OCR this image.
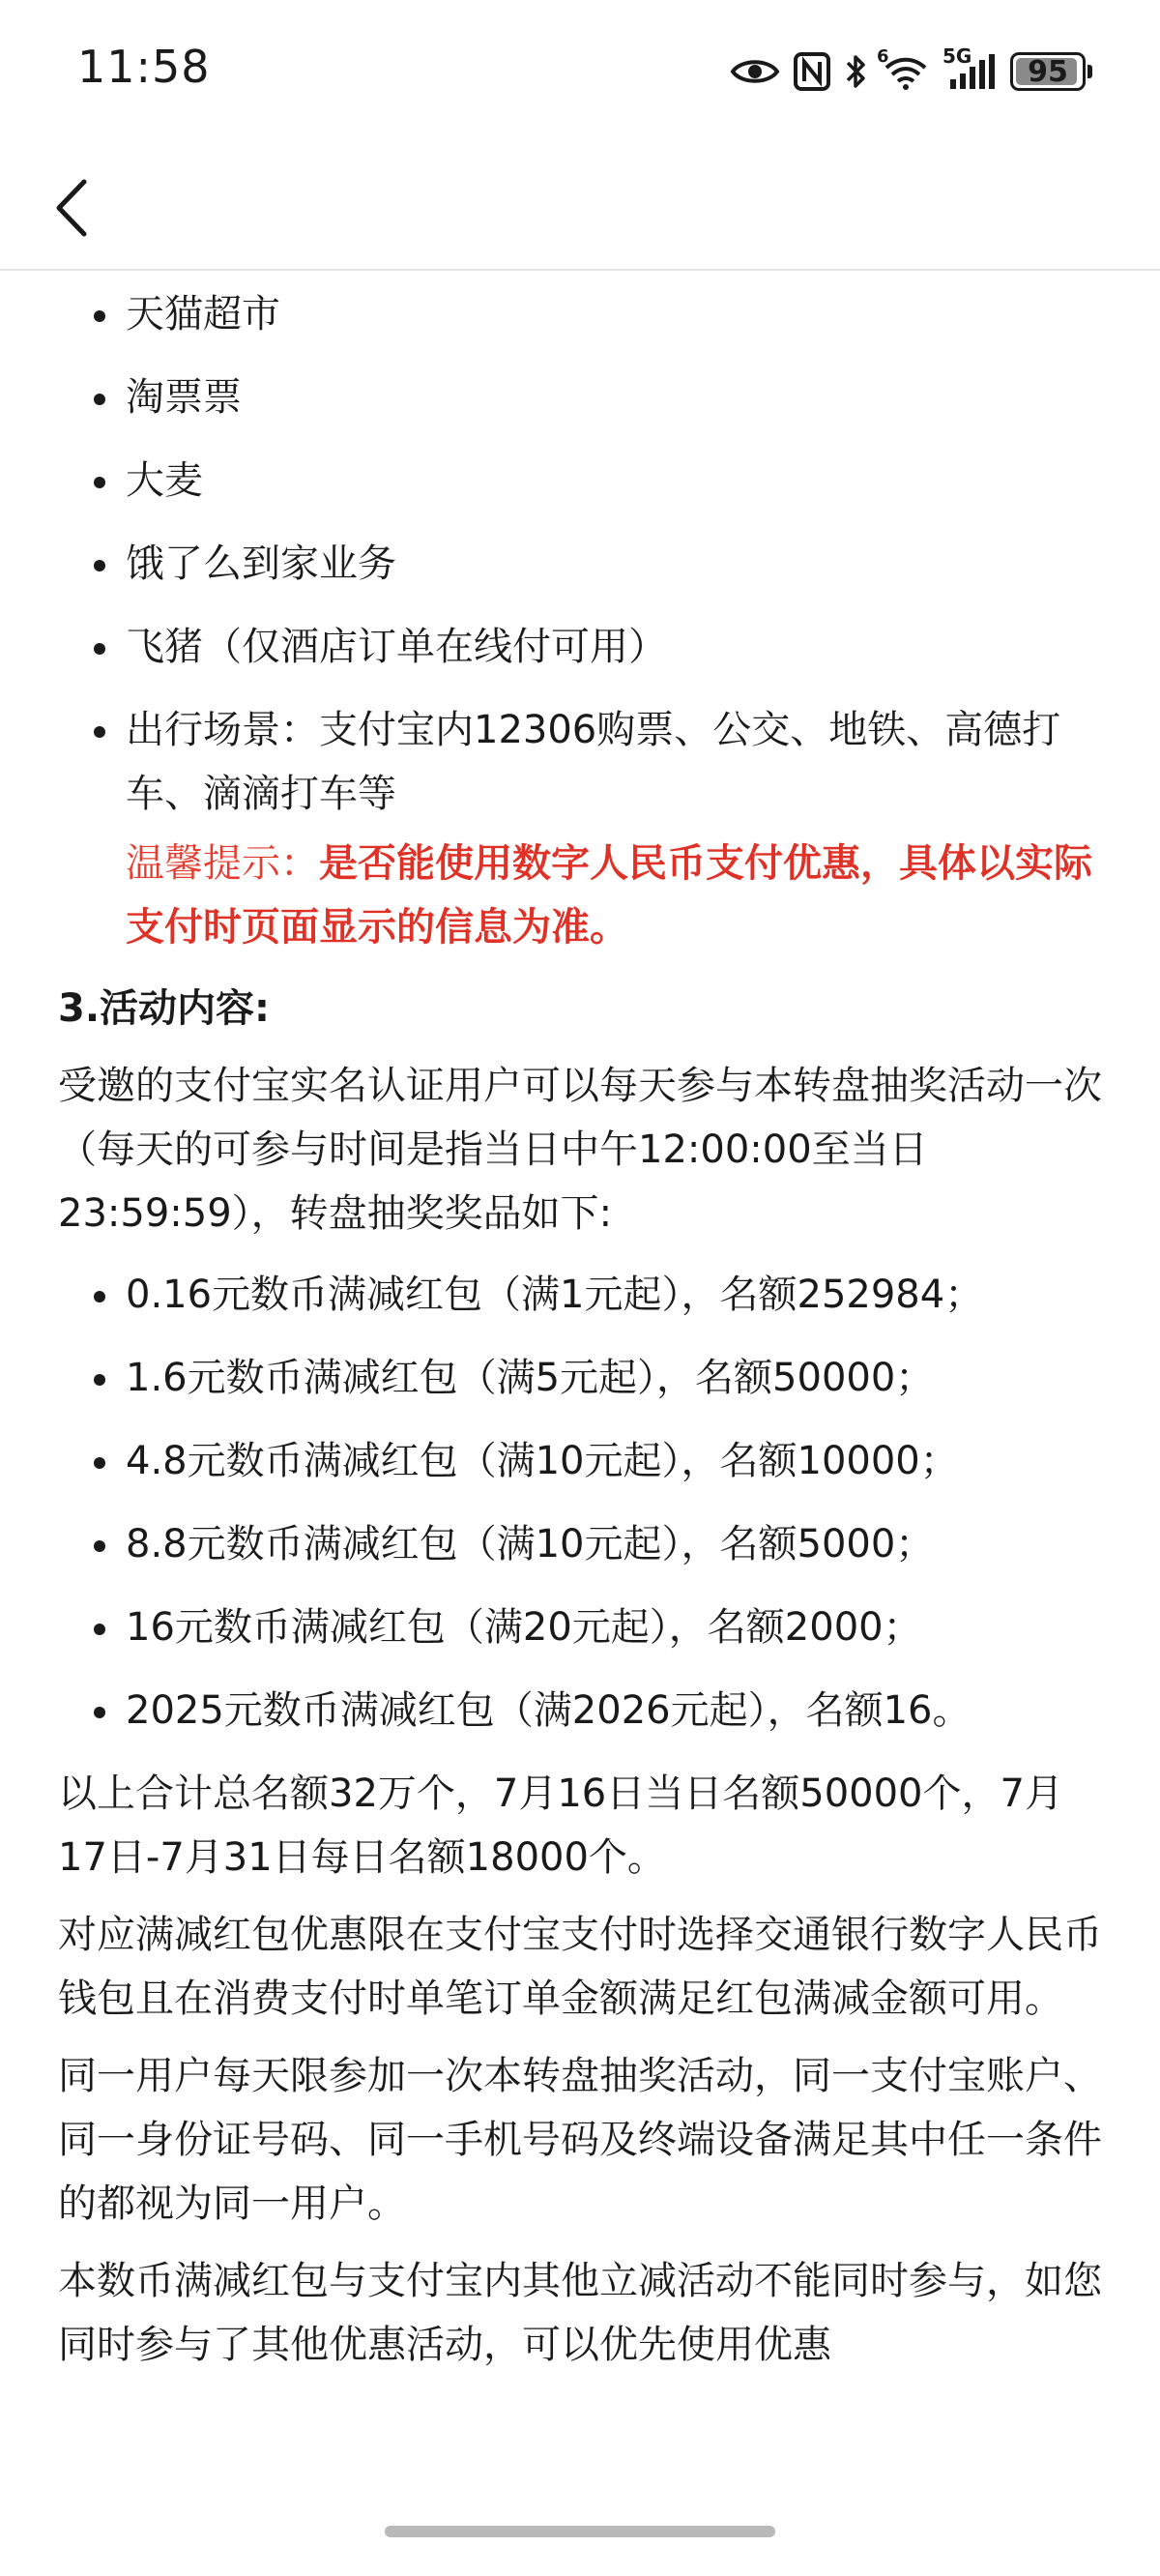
11:58	6	5G 95
天猫超市
淘票票
大麦
饿了么到家业务
飞猪（仅酒店订单在线付可用）
出行场景：支付宝内12306购票、公交、地铁、高德打车、滴滴打车等

温馨提示：是否能使用数字人民币支付优惠，具体以实际支付时页面显示的信息为准。

3.活动内容:

受邀的支付宝实名认证用户可以每天参与本转盘抽奖活动一次（每天的可参与时间是指当日中午12:00:00至当日23:59:59），转盘抽奖奖品如下:

0.16元数币满减红包（满1元起），名额252984；
1.6元数币满减红包（满5元起），名额50000；
4.8元数币满减红包（满10元起），名额10000；
8.8元数币满减红包（满10元起），名额5000；
16元数币满减红包（满20元起），名额2000；
2025元数币满减红包（满2026元起），名额16。

以上合计总名额32万个，7月16日当日名额50000个，7月17日-7月31日每日名额18000个。

对应满减红包优惠限在支付宝支付时选择交通银行数字人民币钱包且在消费支付时单笔订单金额满足红包满减金额可用。

同一用户每天限参加一次本转盘抽奖活动，同一支付宝账户、同一身份证号码、同一手机号码及终端设备满足其中任一条件的都视为同一用户。

本数币满减红包与支付宝内其他立减活动不能同时参与，如您同时参与了其他优惠活动，可以优先使用优惠
